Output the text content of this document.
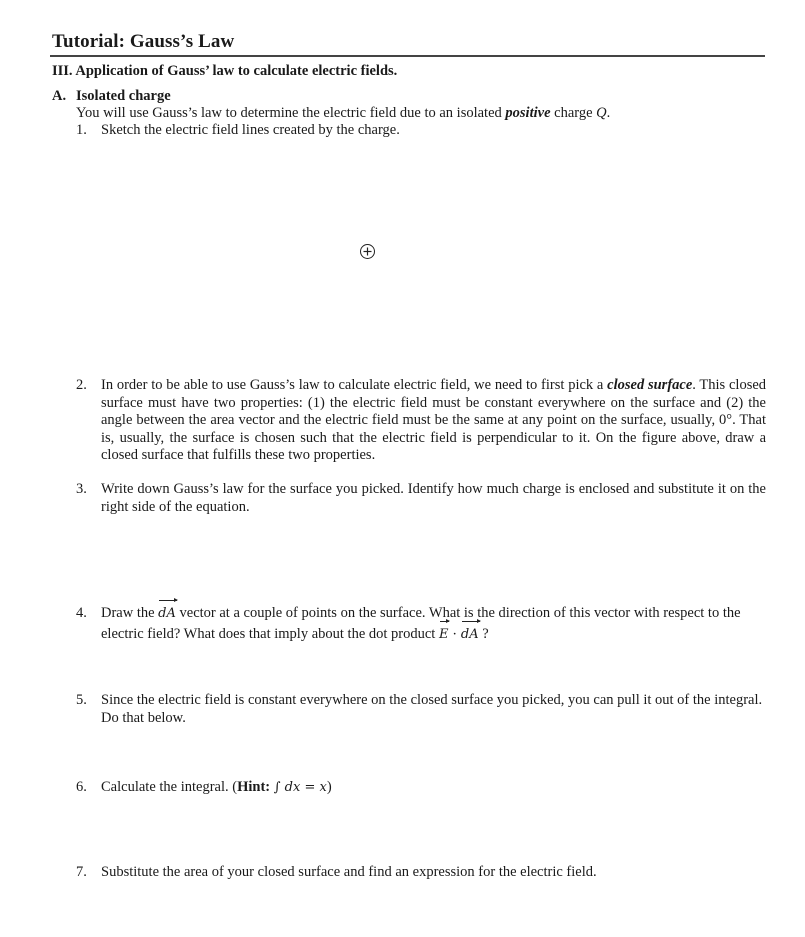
Tutorial: Gauss’s Law
III. Application of Gauss’ law to calculate electric fields.
A. Isolated charge
You will use Gauss’s law to determine the electric field due to an isolated positive charge Q.
1. Sketch the electric field lines created by the charge.
2. In order to be able to use Gauss’s law to calculate electric field, we need to first pick a closed surface. This closed surface must have two properties: (1) the electric field must be constant everywhere on the surface and (2) the angle between the area vector and the electric field must be the same at any point on the surface, usually, 0°. That is, usually, the surface is chosen such that the electric field is perpendicular to it. On the figure above, draw a closed surface that fulfills these two properties.
3. Write down Gauss’s law for the surface you picked. Identify how much charge is enclosed and substitute it on the right side of the equation.
4. Draw the dA vector at a couple of points on the surface. What is the direction of this vector with respect to the electric field? What does that imply about the dot product E · dA ?
5. Since the electric field is constant everywhere on the closed surface you picked, you can pull it out of the integral. Do that below.
6. Calculate the integral. (Hint: ∫ dx = x)
7. Substitute the area of your closed surface and find an expression for the electric field.
